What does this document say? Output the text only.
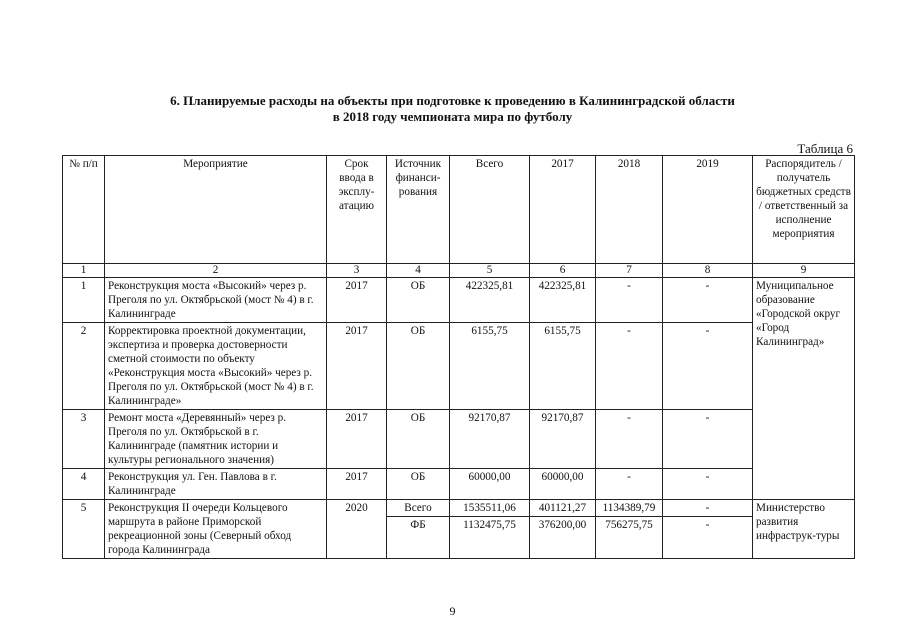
6. Планируемые расходы на объекты при подготовке к проведению в Калининградской области
в 2018 году чемпионата мира по футболу
Таблица 6
№ п/п	Мероприятие	Срок ввода в эксплу-атацию	Источник финанси-рования	Всего	2017	2018	2019	Распорядитель / получатель бюджетных средств / ответственный за исполнение мероприятия
1	2	3	4	5	6	7	8	9
1	Реконструкция моста «Высокий» через р. Преголя по ул. Октябрьской (мост № 4) в г. Калининграде	2017	ОБ	422325,81	422325,81	-	-	Муниципальное образование «Городской округ «Город Калининград»
2	Корректировка проектной документации, экспертиза и проверка достоверности сметной стоимости по объекту «Реконструкция моста «Высокий» через р. Преголя по ул. Октябрьской (мост № 4) в г. Калининграде»	2017	ОБ	6155,75	6155,75	-	-	
3	Ремонт моста «Деревянный» через р. Преголя по ул. Октябрьской в г. Калининграде (памятник истории и культуры регионального значения)	2017	ОБ	92170,87	92170,87	-	-	
4	Реконструкция ул. Ген. Павлова в г. Калининграде	2017	ОБ	60000,00	60000,00	-	-	
5	Реконструкция II очереди Кольцевого маршрута в районе Приморской рекреационной зоны (Северный обход города Калининграда	2020	Всего	1535511,06	401121,27	1134389,79	-	Министерство развития инфраструк-туры
			ФБ	1132475,75	376200,00	756275,75	-	
9
